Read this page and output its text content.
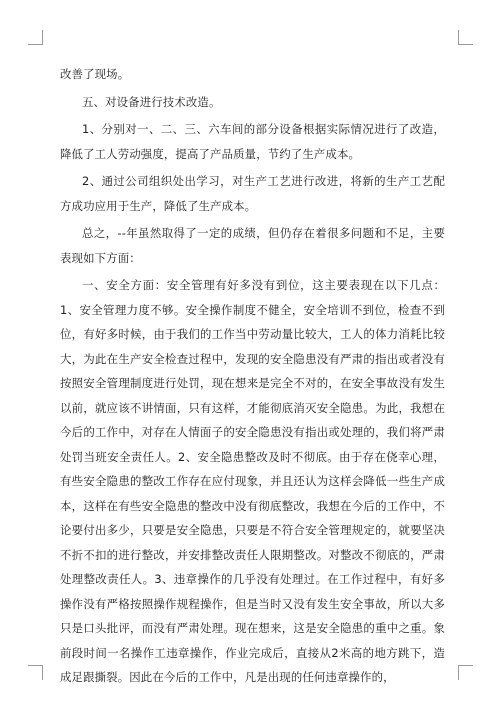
改善了现场。

五、对设备进行技术改造。

1、分别对一、二、三、六车间的部分设备根据实际情况进行了改造，降低了工人劳动强度，提高了产品质量，节约了生产成本。

2、通过公司组织处出学习，对生产工艺进行改进，将新的生产工艺配方成功应用于生产，降低了生产成本。

总之，--年虽然取得了一定的成绩，但仍存在着很多问题和不足，主要表现如下方面：

一、安全方面：安全管理有好多没有到位，这主要表现在以下几点：1、安全管理力度不够。安全操作制度不健全，安全培训不到位，检查不到位，有好多时候，由于我们的工作当中劳动量比较大，工人的体力消耗比较大，为此在生产安全检查过程中，发现的安全隐患没有严肃的指出或者没有按照安全管理制度进行处罚，现在想来是完全不对的，在安全事故没有发生以前，就应该不讲情面，只有这样，才能彻底消灭安全隐患。为此，我想在今后的工作中，对存在人情面子的安全隐患没有指出或处理的，我们将严肃处罚当班安全责任人。2、安全隐患整改及时不彻底。由于存在侥幸心理，有些安全隐患的整改工作存在应付现象，并且还认为这样会降低一些生产成本，这样在有些安全隐患的整改中没有彻底整改，我想在今后的工作中，不论要付出多少，只要是安全隐患，只要是不符合安全管理规定的，就要坚决不折不扣的进行整改，并安排整改责任人限期整改。对整改不彻底的，严肃处理整改责任人。3、违章操作的几乎没有处理过。在工作过程中，有好多操作没有严格按照操作规程操作，但是当时又没有发生安全事故，所以大多只是口头批评，而没有严肃处理。现在想来，这是安全隐患的重中之重。象前段时间一名操作工违章操作，作业完成后，直接从2米高的地方跳下，造成足跟撕裂。因此在今后的工作中，凡是出现的任何违章操作的，
